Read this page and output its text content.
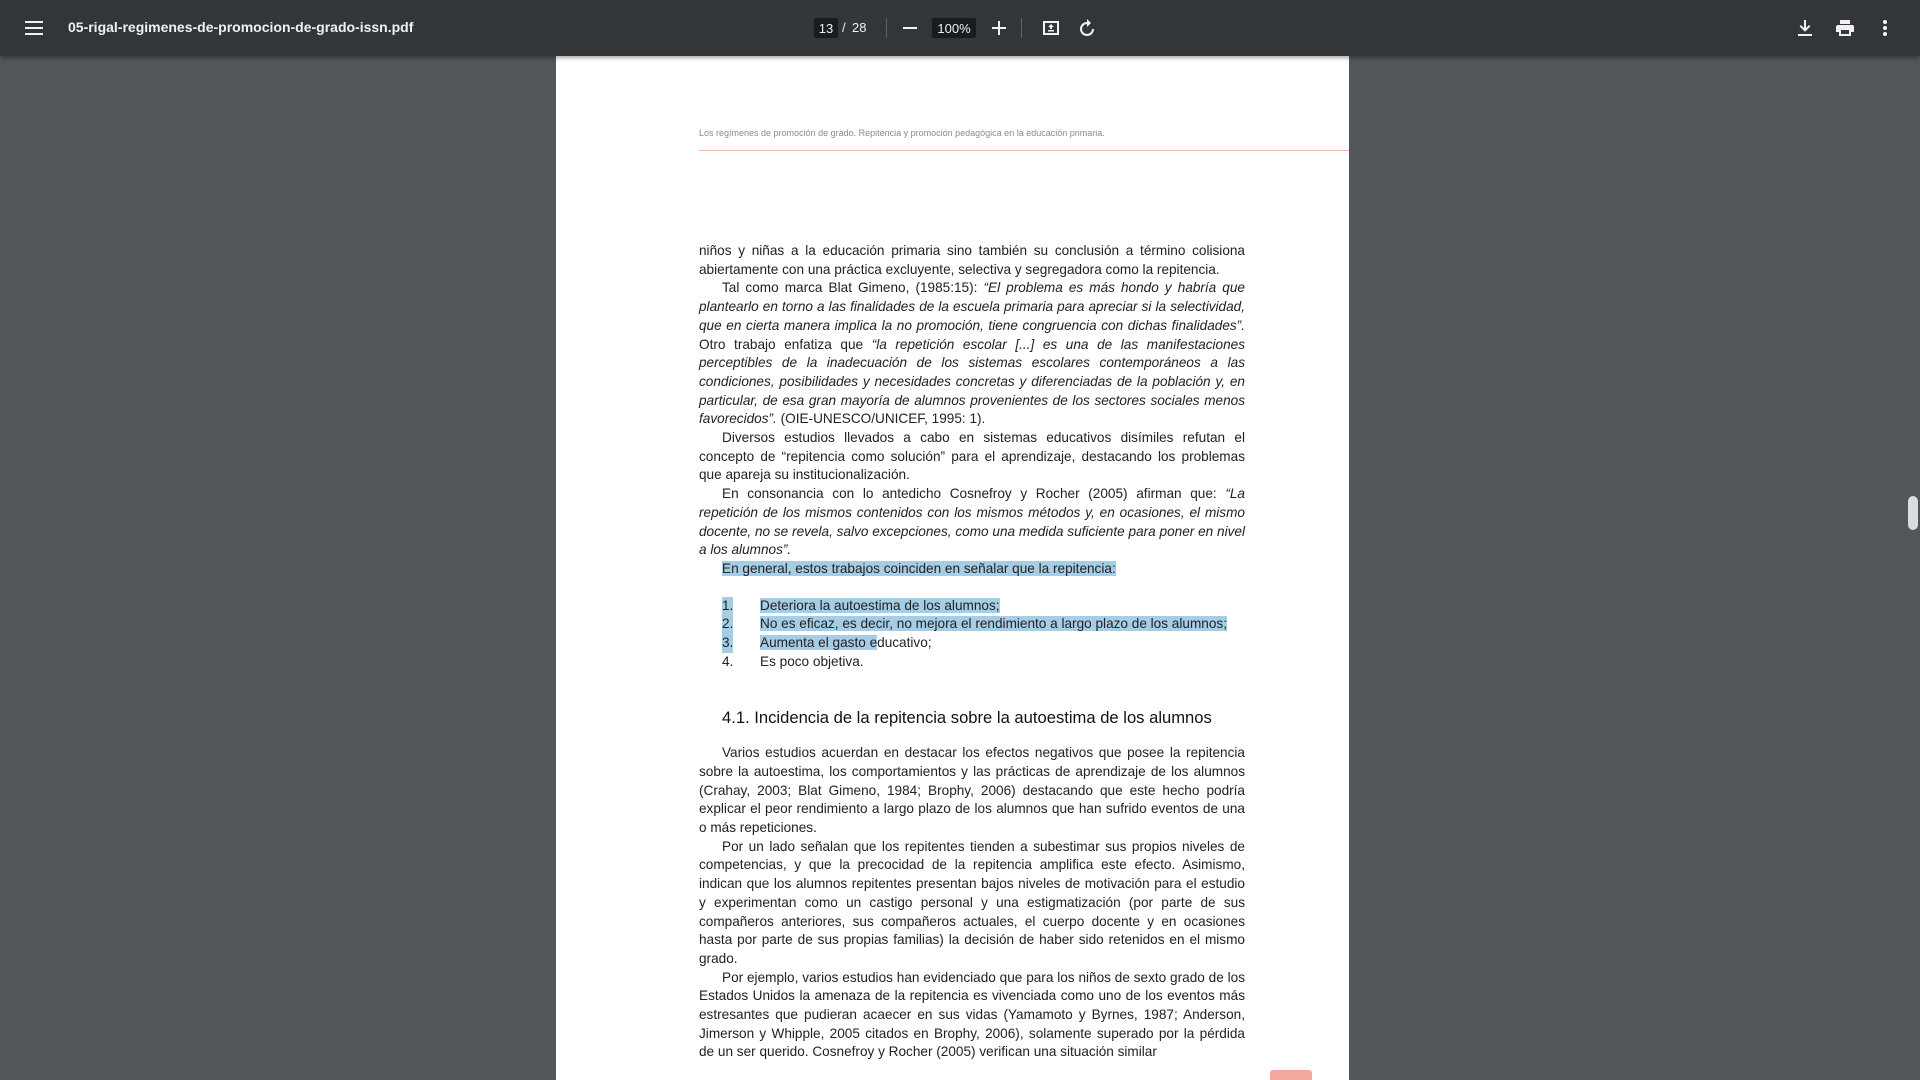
05-rigal-regimenes-de-promocion-de-grado-issn.pdf
13	/ 28
100%
Los regímenes de promoción de grado. Repitencia y promoción pedagógica en la educación primaria.

niños y niñas a la educación primaria sino también su conclusión a término colisiona abiertamente con una práctica excluyente, selectiva y segregadora como la repitencia.

Tal como marca Blat Gimeno, (1985:15): “El problema es más hondo y habría que plantearlo en torno a las finalidades de la escuela primaria para apreciar si la selectividad, que en cierta manera implica la no promoción, tiene congruencia con dichas finalidades”. Otro trabajo enfatiza que “la repetición escolar [...] es una de las manifestaciones perceptibles de la inadecuación de los sistemas escolares contemporáneos a las condiciones, posibilidades y necesidades concretas y diferenciadas de la población y, en particular, de esa gran mayoría de alumnos provenientes de los sectores sociales menos favorecidos”. (OIE-UNESCO/UNICEF, 1995: 1).

Diversos estudios llevados a cabo en sistemas educativos disímiles refutan el concepto de “repitencia como solución” para el aprendizaje, destacando los problemas que apareja su institucionalización.

En consonancia con lo antedicho Cosnefroy y Rocher (2005) afirman que: “La repetición de los mismos contenidos con los mismos métodos y, en ocasiones, el mismo docente, no se revela, salvo excepciones, como una medida suficiente para poner en nivel a los alumnos”.

En general, estos trabajos coinciden en señalar que la repitencia:

1. Deteriora la autoestima de los alumnos;
2. No es eficaz, es decir, no mejora el rendimiento a largo plazo de los alumnos;
3. Aumenta el gasto educativo;
4. Es poco objetiva.
4.1. Incidencia de la repitencia sobre la autoestima de los alumnos

Varios estudios acuerdan en destacar los efectos negativos que posee la repitencia sobre la autoestima, los comportamientos y las prácticas de aprendizaje de los alumnos (Crahay, 2003; Blat Gimeno, 1984; Brophy, 2006) destacando que este hecho podría explicar el peor rendimiento a largo plazo de los alumnos que han sufrido eventos de una o más repeticiones.

Por un lado señalan que los repitentes tienden a subestimar sus propios niveles de competencias, y que la precocidad de la repitencia amplifica este efecto. Asimismo, indican que los alumnos repitentes presentan bajos niveles de motivación para el estudio y experimentan como un castigo personal y una estigmatización (por parte de sus compañeros anteriores, sus compañeros actuales, el cuerpo docente y en ocasiones hasta por parte de sus propias familias) la decisión de haber sido retenidos en el mismo grado.

Por ejemplo, varios estudios han evidenciado que para los niños de sexto grado de los Estados Unidos la amenaza de la repitencia es vivenciada como uno de los eventos más estresantes que pudieran acaecer en sus vidas (Yamamoto y Byrnes, 1987; Anderson, Jimerson y Whipple, 2005 citados en Brophy, 2006), solamente superado por la pérdida de un ser querido. Cosnefroy y Rocher (2005) verifican una situación similar
